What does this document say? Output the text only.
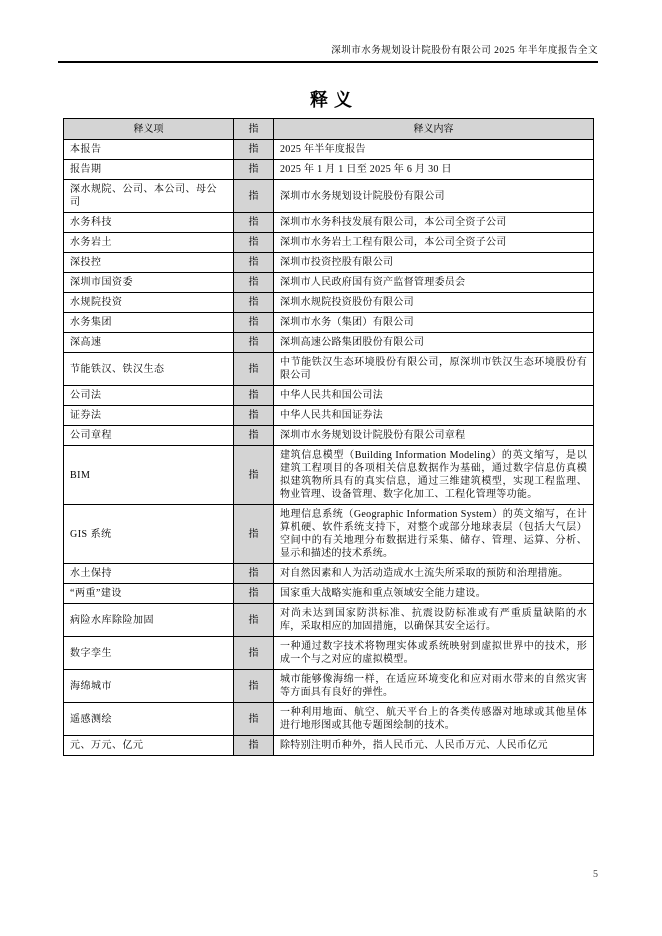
深圳市水务规划设计院股份有限公司 2025 年半年度报告全文
释义
释义项	指	释义内容
本报告	指	2025 年半年度报告
报告期	指	2025 年 1 月 1 日至 2025 年 6 月 30 日
深水规院、公司、本公司、母公司	指	深圳市水务规划设计院股份有限公司
水务科技	指	深圳市水务科技发展有限公司，本公司全资子公司
水务岩土	指	深圳市水务岩土工程有限公司，本公司全资子公司
深投控	指	深圳市投资控股有限公司
深圳市国资委	指	深圳市人民政府国有资产监督管理委员会
水规院投资	指	深圳水规院投资股份有限公司
水务集团	指	深圳市水务（集团）有限公司
深高速	指	深圳高速公路集团股份有限公司
节能铁汉、铁汉生态	指	中节能铁汉生态环境股份有限公司，原深圳市铁汉生态环境股份有限公司
公司法	指	中华人民共和国公司法
证券法	指	中华人民共和国证券法
公司章程	指	深圳市水务规划设计院股份有限公司章程
BIM	指	建筑信息模型（Building Information Modeling）的英文缩写，是以建筑工程项目的各项相关信息数据作为基础，通过数字信息仿真模拟建筑物所具有的真实信息，通过三维建筑模型，实现工程监理、物业管理、设备管理、数字化加工、工程化管理等功能。
GIS 系统	指	地理信息系统（Geographic Information System）的英文缩写，在计算机硬、软件系统支持下，对整个或部分地球表层（包括大气层）空间中的有关地理分布数据进行采集、储存、管理、运算、分析、显示和描述的技术系统。
水土保持	指	对自然因素和人为活动造成水土流失所采取的预防和治理措施。
“两重”建设	指	国家重大战略实施和重点领域安全能力建设。
病险水库除险加固	指	对尚未达到国家防洪标准、抗震设防标准或有严重质量缺陷的水库，采取相应的加固措施，以确保其安全运行。
数字孪生	指	一种通过数字技术将物理实体或系统映射到虚拟世界中的技术，形成一个与之对应的虚拟模型。
海绵城市	指	城市能够像海绵一样，在适应环境变化和应对雨水带来的自然灾害等方面具有良好的弹性。
遥感测绘	指	一种利用地面、航空、航天平台上的各类传感器对地球或其他星体进行地形图或其他专题图绘制的技术。
元、万元、亿元	指	除特别注明币种外，指人民币元、人民币万元、人民币亿元
5
